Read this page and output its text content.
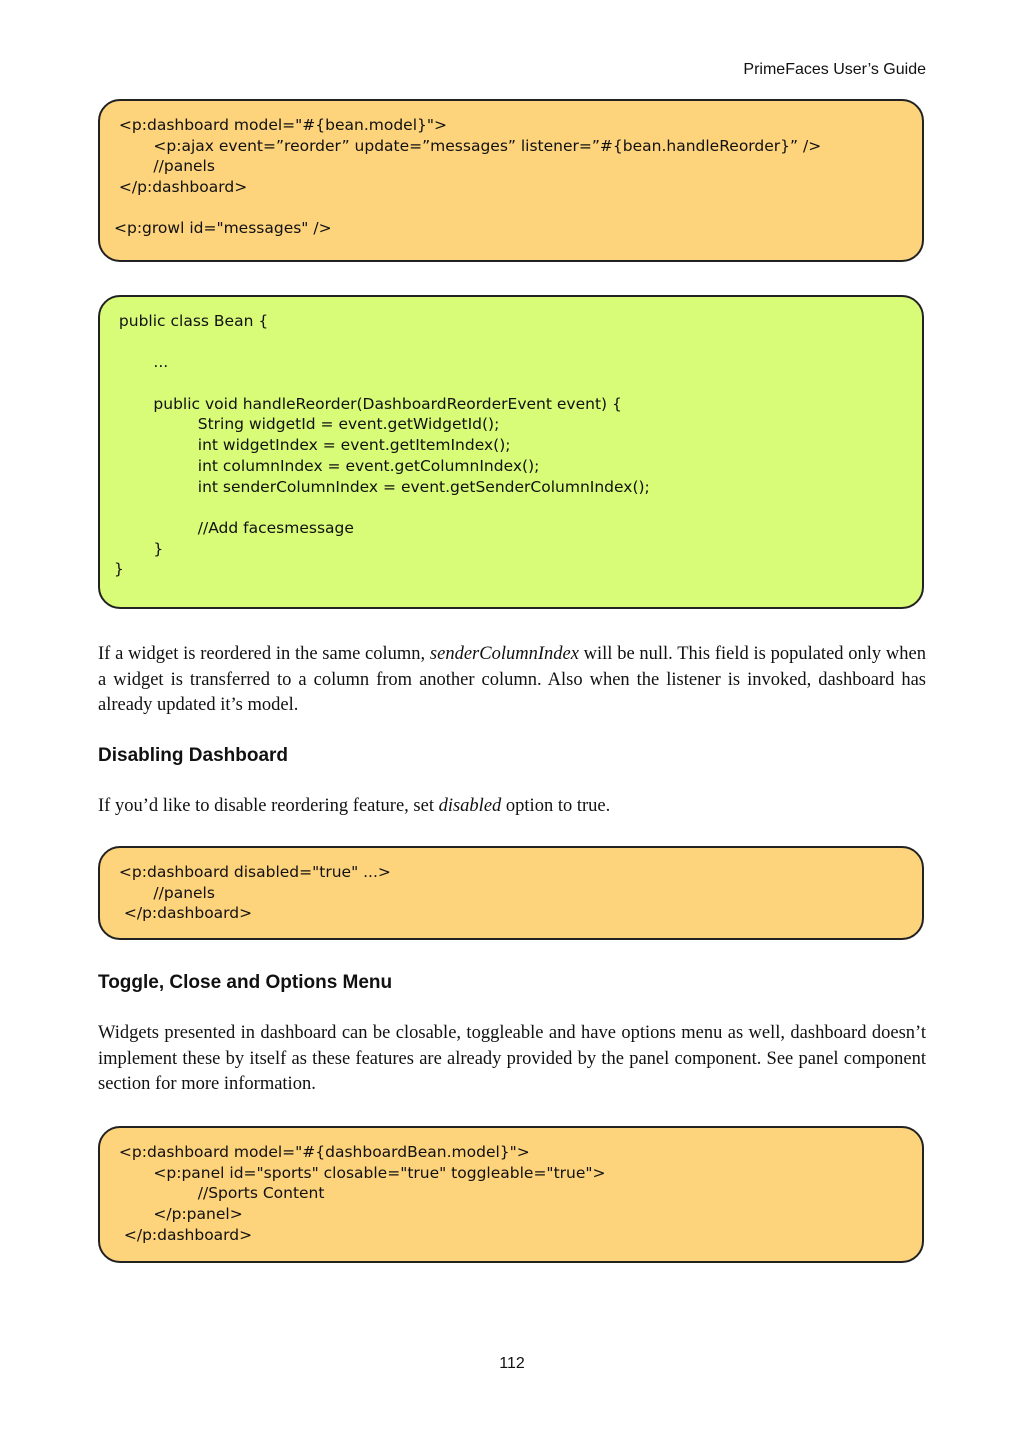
PrimeFaces User’s Guide
<p:dashboard model="#{bean.model}">
<p:ajax event=”reorder” update=”messages” listener=”#{bean.handleReorder}” />
//panels
</p:dashboard>
<p:growl id="messages" />
public class Bean {
...
public void handleReorder(DashboardReorderEvent event) {
String widgetId = event.getWidgetId();
int widgetIndex = event.getItemIndex();
int columnIndex = event.getColumnIndex();
int senderColumnIndex = event.getSenderColumnIndex();
//Add facesmessage
}
}
If a widget is reordered in the same column, senderColumnIndex will be null. This field is populated only when a widget is transferred to a column from another column. Also when the listener is invoked, dashboard has already updated it’s model.
Disabling Dashboard
If you’d like to disable reordering feature, set disabled option to true.
<p:dashboard disabled="true" ...>
//panels
</p:dashboard>
Toggle, Close and Options Menu
Widgets presented in dashboard can be closable, toggleable and have options menu as well, dashboard doesn’t implement these by itself as these features are already provided by the panel component. See panel component section for more information.
<p:dashboard model="#{dashboardBean.model}">
<p:panel id="sports" closable="true" toggleable="true">
//Sports Content
</p:panel>
</p:dashboard>
112
